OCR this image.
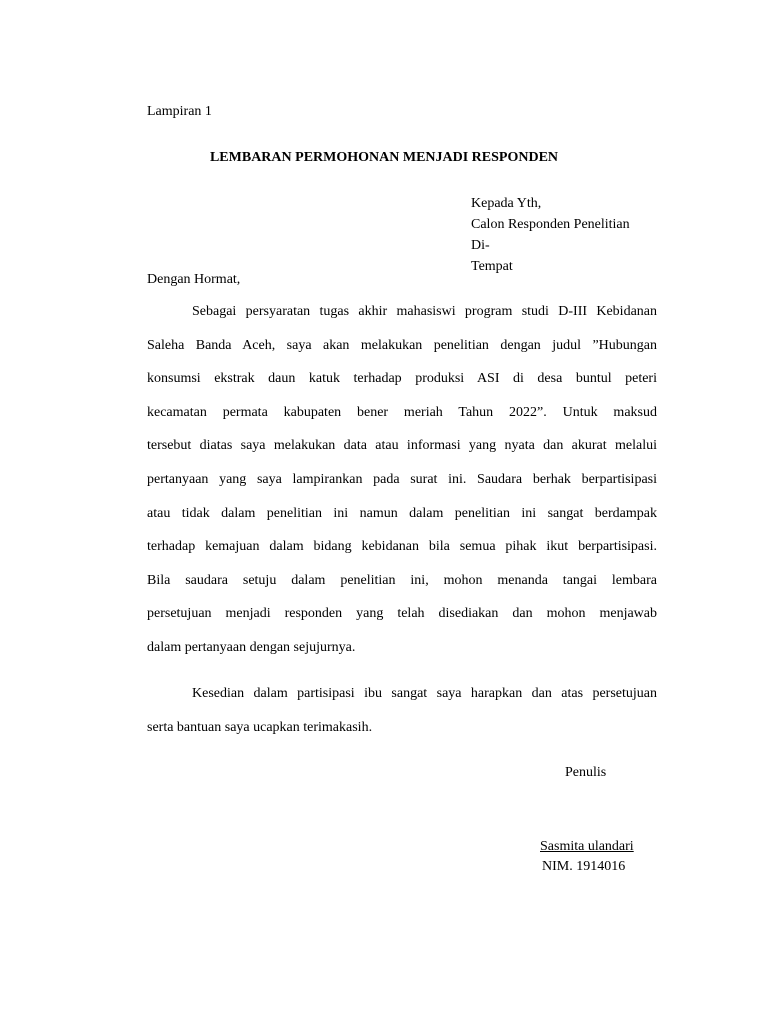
Lampiran 1
LEMBARAN PERMOHONAN MENJADI RESPONDEN
Kepada Yth,
Calon Responden Penelitian
Di-
Tempat
Dengan Hormat,
Sebagai persyaratan tugas akhir mahasiswi program studi D-III Kebidanan
Saleha Banda Aceh, saya akan melakukan penelitian dengan judul ”Hubungan
konsumsi ekstrak daun katuk terhadap produksi ASI di desa buntul peteri
kecamatan permata kabupaten bener meriah Tahun 2022”. Untuk maksud
tersebut diatas saya melakukan data atau informasi yang nyata dan akurat melalui
pertanyaan yang saya lampirankan pada surat ini. Saudara berhak berpartisipasi
atau tidak dalam penelitian ini namun dalam penelitian ini sangat berdampak
terhadap kemajuan dalam bidang kebidanan bila semua pihak ikut berpartisipasi.
Bila saudara setuju dalam penelitian ini, mohon menanda tangai lembara
persetujuan menjadi responden yang telah disediakan dan mohon menjawab
dalam pertanyaan dengan sejujurnya.
Kesedian dalam partisipasi ibu sangat saya harapkan dan atas persetujuan
serta bantuan saya ucapkan terimakasih.
Penulis
Sasmita ulandari
NIM. 1914016
